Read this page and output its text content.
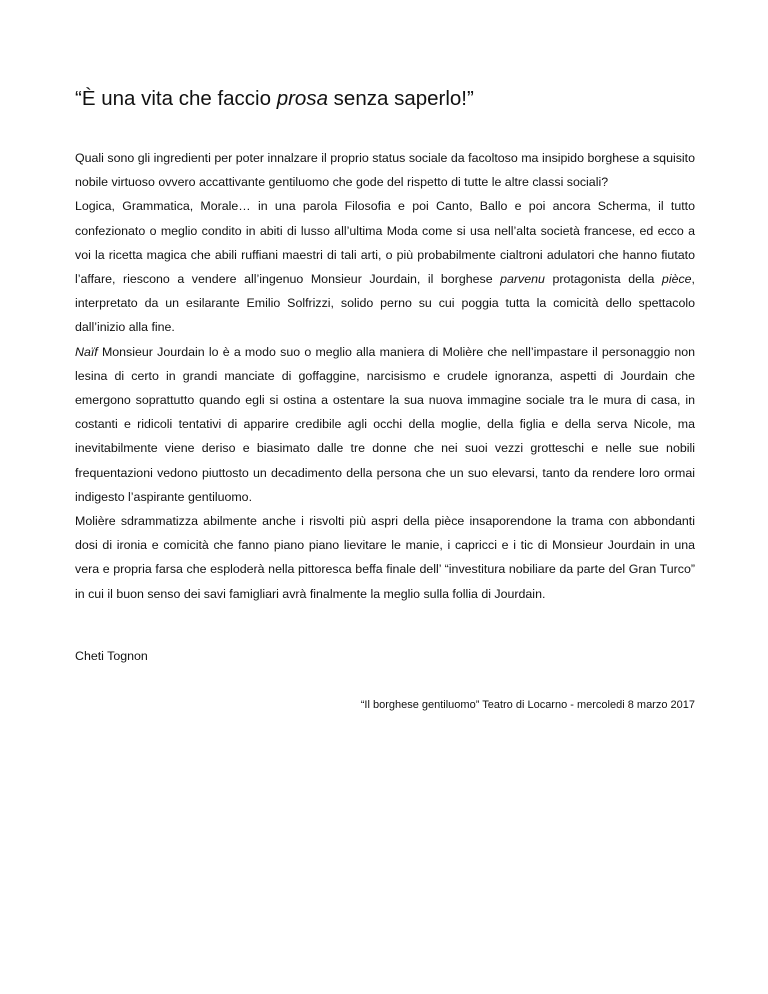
“È una vita che faccio prosa senza saperlo!”

Quali sono gli ingredienti per poter innalzare il proprio status sociale da facoltoso ma insipido borghese a squisito nobile virtuoso ovvero accattivante gentiluomo che gode del rispetto di tutte le altre classi sociali?

Logica, Grammatica, Morale… in una parola Filosofia e poi Canto, Ballo e poi ancora Scherma, il tutto confezionato o meglio condito in abiti di lusso all’ultima Moda come si usa nell’alta società francese, ed ecco a voi la ricetta magica che abili ruffiani maestri di tali arti, o più probabilmente cialtroni adulatori che hanno fiutato l’affare, riescono a vendere all’ingenuo Monsieur Jourdain, il borghese parvenu protagonista della pièce, interpretato da un esilarante Emilio Solfrizzi, solido perno su cui poggia tutta la comicità dello spettacolo dall’inizio alla fine.

Naïf Monsieur Jourdain lo è a modo suo o meglio alla maniera di Molière che nell’impastare il personaggio non lesina di certo in grandi manciate di goffaggine, narcisismo e crudele ignoranza, aspetti di Jourdain che emergono soprattutto quando egli si ostina a ostentare la sua nuova immagine sociale tra le mura di casa, in costanti e ridicoli tentativi di apparire credibile agli occhi della moglie, della figlia e della serva Nicole, ma inevitabilmente viene deriso e biasimato dalle tre donne che nei suoi vezzi grotteschi e nelle sue nobili frequentazioni vedono piuttosto un decadimento della persona che un suo elevarsi, tanto da rendere loro ormai indigesto l’aspirante gentiluomo.

Molière sdrammatizza abilmente anche i risvolti più aspri della pièce insaporendone la trama con abbondanti dosi di ironia e comicità che fanno piano piano lievitare le manie, i capricci e i tic di Monsieur Jourdain in una vera e propria farsa che esploderà nella pittoresca beffa finale dell’ “investitura nobiliare da parte del Gran Turco” in cui il buon senso dei savi famigliari avrà finalmente la meglio sulla follia di Jourdain.

Cheti Tognon

“Il borghese gentiluomo” Teatro di Locarno - mercoledi 8 marzo 2017
